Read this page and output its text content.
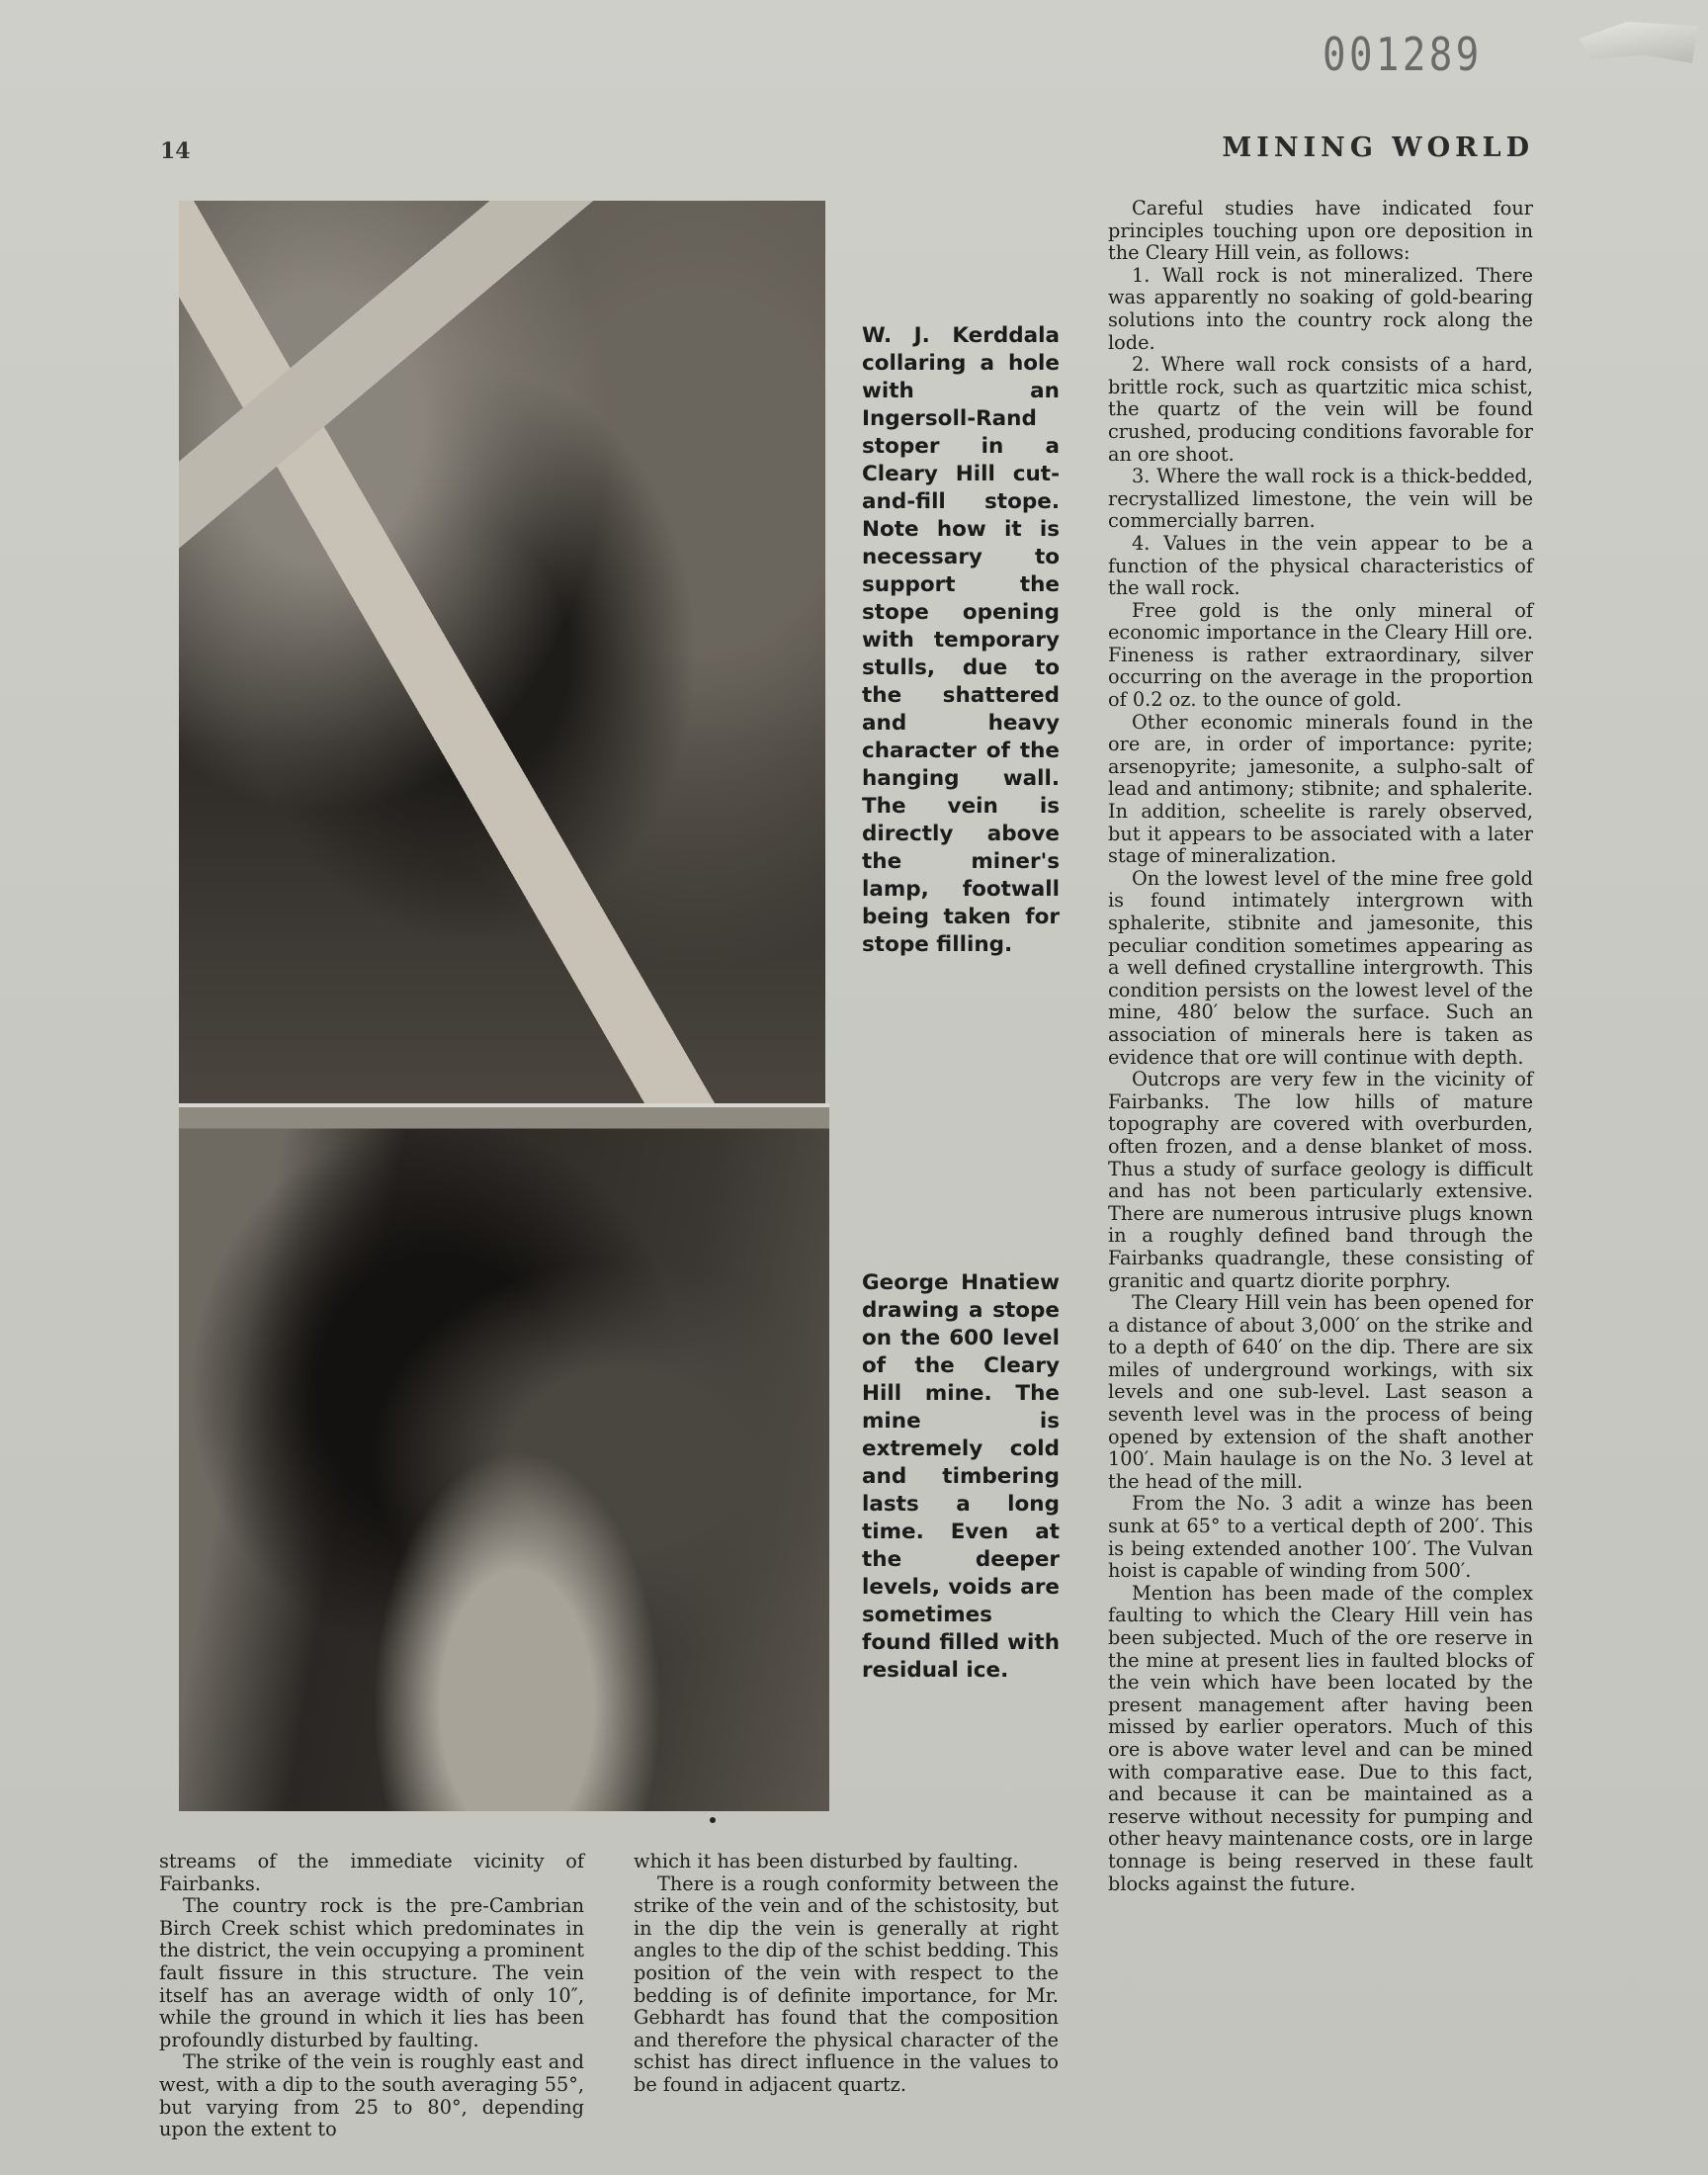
001289
14	MINING WORLD
W. J. Kerddala collaring a hole with an Ingersoll-Rand stoper in a Cleary Hill cut-and-fill stope. Note how it is necessary to support the stope opening with temporary stulls, due to the shattered and heavy character of the hanging wall. The vein is directly above the miner's lamp, footwall being taken for stope filling.
George Hnatiew drawing a stope on the 600 level of the Cleary Hill mine. The mine is extremely cold and timbering lasts a long time. Even at the deeper levels, voids are sometimes found filled with residual ice.

Careful studies have indicated four principles touching upon ore deposition in the Cleary Hill vein, as follows:

1. Wall rock is not mineralized. There was apparently no soaking of gold-bearing solutions into the country rock along the lode.

2. Where wall rock consists of a hard, brittle rock, such as quartzitic mica schist, the quartz of the vein will be found crushed, producing conditions favorable for an ore shoot.

3. Where the wall rock is a thick-bedded, recrystallized limestone, the vein will be commercially barren.

4. Values in the vein appear to be a function of the physical characteristics of the wall rock.

Free gold is the only mineral of economic importance in the Cleary Hill ore. Fineness is rather extraordinary, silver occurring on the average in the proportion of 0.2 oz. to the ounce of gold.

Other economic minerals found in the ore are, in order of importance: pyrite; arsenopyrite; jamesonite, a sulpho-salt of lead and antimony; stibnite; and sphalerite. In addition, scheelite is rarely observed, but it appears to be associated with a later stage of mineralization.

On the lowest level of the mine free gold is found intimately intergrown with sphalerite, stibnite and jamesonite, this peculiar condition sometimes appearing as a well defined crystalline intergrowth. This condition persists on the lowest level of the mine, 480′ below the surface. Such an association of minerals here is taken as evidence that ore will continue with depth.

Outcrops are very few in the vicinity of Fairbanks. The low hills of mature topography are covered with overburden, often frozen, and a dense blanket of moss. Thus a study of surface geology is difficult and has not been particularly extensive. There are numerous intrusive plugs known in a roughly defined band through the Fairbanks quadrangle, these consisting of granitic and quartz diorite porphry.

The Cleary Hill vein has been opened for a distance of about 3,000′ on the strike and to a depth of 640′ on the dip. There are six miles of underground workings, with six levels and one sub-level. Last season a seventh level was in the process of being opened by extension of the shaft another 100′. Main haulage is on the No. 3 level at the head of the mill.

From the No. 3 adit a winze has been sunk at 65° to a vertical depth of 200′. This is being extended another 100′. The Vulvan hoist is capable of winding from 500′.

Mention has been made of the complex faulting to which the Cleary Hill vein has been subjected. Much of the ore reserve in the mine at present lies in faulted blocks of the vein which have been located by the present management after having been missed by earlier operators. Much of this ore is above water level and can be mined with comparative ease. Due to this fact, and because it can be maintained as a reserve without necessity for pumping and other heavy maintenance costs, ore in large tonnage is being reserved in these fault blocks against the future.

streams of the immediate vicinity of Fairbanks.

The country rock is the pre-Cambrian Birch Creek schist which predominates in the district, the vein occupying a prominent fault fissure in this structure. The vein itself has an average width of only 10″, while the ground in which it lies has been profoundly disturbed by faulting.

The strike of the vein is roughly east and west, with a dip to the south averaging 55°, but varying from 25 to 80°, depending upon the extent to

which it has been disturbed by faulting.

There is a rough conformity between the strike of the vein and of the schistosity, but in the dip the vein is generally at right angles to the dip of the schist bedding. This position of the vein with respect to the bedding is of definite importance, for Mr. Gebhardt has found that the composition and therefore the physical character of the schist has direct influence in the values to be found in adjacent quartz.
